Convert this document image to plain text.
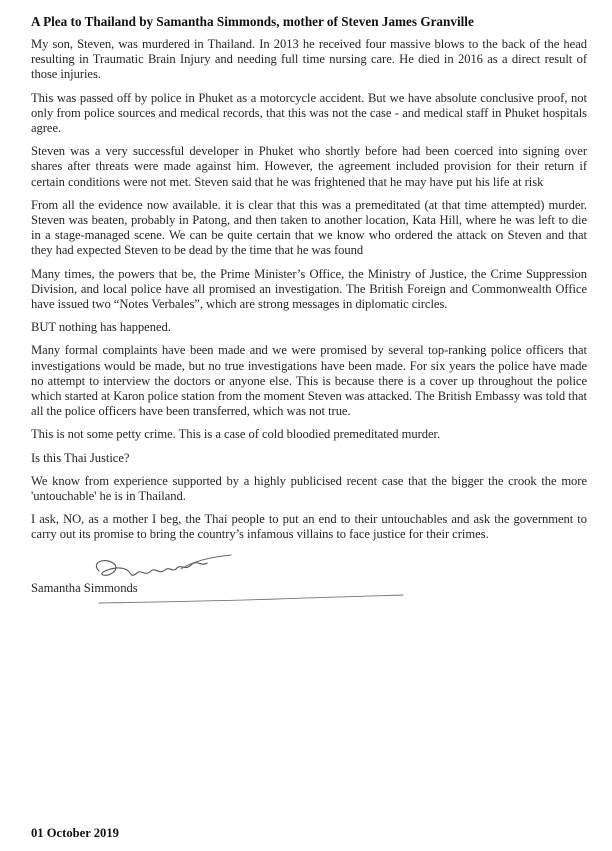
A Plea to Thailand by Samantha Simmonds, mother of Steven James Granville

My son, Steven, was murdered in Thailand. In 2013 he received four massive blows to the back of the head resulting in Traumatic Brain Injury and needing full time nursing care. He died in 2016 as a direct result of those injuries.

This was passed off by police in Phuket as a motorcycle accident. But we have absolute conclusive proof, not only from police sources and medical records, that this was not the case - and medical staff in Phuket hospitals agree.

Steven was a very successful developer in Phuket who shortly before had been coerced into signing over shares after threats were made against him. However, the agreement included provision for their return if certain conditions were not met. Steven said that he was frightened that he may have put his life at risk

From all the evidence now available. it is clear that this was a premeditated (at that time attempted) murder. Steven was beaten, probably in Patong, and then taken to another location, Kata Hill, where he was left to die in a stage-managed scene. We can be quite certain that we know who ordered the attack on Steven and that they had expected Steven to be dead by the time that he was found

Many times, the powers that be, the Prime Minister’s Office, the Ministry of Justice, the Crime Suppression Division, and local police have all promised an investigation. The British Foreign and Commonwealth Office have issued two “Notes Verbales”, which are strong messages in diplomatic circles.

BUT nothing has happened.

Many formal complaints have been made and we were promised by several top-ranking police officers that investigations would be made, but no true investigations have been made. For six years the police have made no attempt to interview the doctors or anyone else. This is because there is a cover up throughout the police which started at Karon police station from the moment Steven was attacked. The British Embassy was told that all the police officers have been transferred, which was not true.

This is not some petty crime. This is a case of cold bloodied premeditated murder.

Is this Thai Justice?

We know from experience supported by a highly publicised recent case that the bigger the crook the more 'untouchable' he is in Thailand.

I ask, NO, as a mother I beg, the Thai people to put an end to their untouchables and ask the government to carry out its promise to bring the country’s infamous villains to face justice for their crimes.

Samantha Simmonds
01 October 2019
